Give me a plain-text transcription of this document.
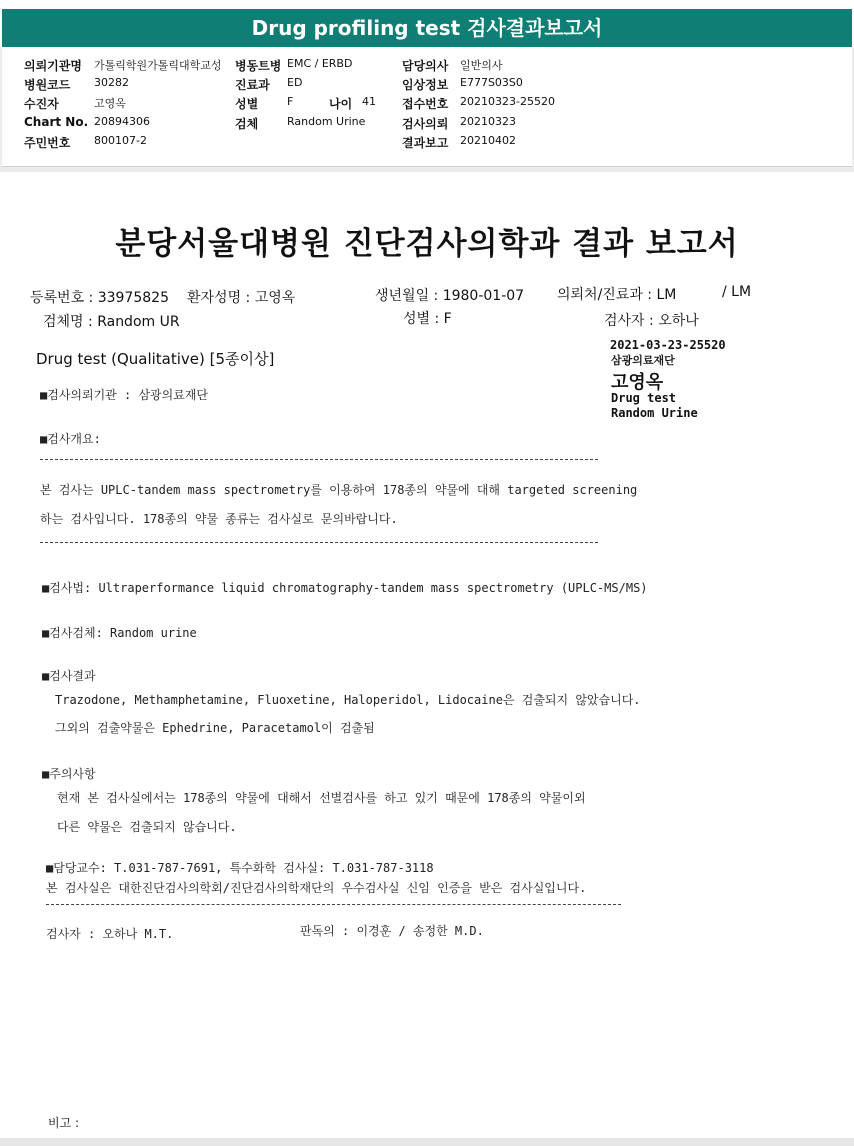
Drug profiling test 검사결과보고서
의뢰기관명 가톨릭학원가톨릭대학교성 병동트병 EMC / ERBD	담당의사 일반의사
병원코드 30282	진료과 ED	임상정보 E777S03S0
수진자	고영옥	성별	F	나이 41 접수번호 20210323-25520
Chart No. 20894306	검체	Random Urine	검사의뢰 20210323
주민번호 800107-2	결과보고 20210402
분당서울대병원 진단검사의학과 결과 보고서
등록번호 : 33975825 환자성명 : 고영옥	생년월일 : 1980-01-07 의뢰처/진료과 : LM	/ LM
검체명 : Random UR	성별 : F	검사자 : 오하나
Drug test (Qualitative) [5종이상]
2021-03-23-25520
삼광의료재단
고영옥
Drug test
Random Urine
■검사의뢰기관 : 삼광의료재단
■검사개요:
본 검사는 UPLC-tandem mass spectrometry를 이용하여 178종의 약물에 대해 targeted screening
하는 검사입니다. 178종의 약물 종류는 검사실로 문의바랍니다.
■검사법: Ultraperformance liquid chromatography-tandem mass spectrometry (UPLC-MS/MS)
■검사검체: Random urine
■검사결과
Trazodone, Methamphetamine, Fluoxetine, Haloperidol, Lidocaine은 검출되지 않았습니다.
그외의 검출약물은 Ephedrine, Paracetamol이 검출됨
■주의사항
현재 본 검사실에서는 178종의 약물에 대해서 선별검사를 하고 있기 때문에 178종의 약물이외
다른 약물은 검출되지 않습니다.
■담당교수: T.031-787-7691, 특수화학 검사실: T.031-787-3118
본 검사실은 대한진단검사의학회/진단검사의학재단의 우수검사실 신임 인증을 받은 검사실입니다.
검사자 : 오하나 M.T.	판독의 : 이경훈 / 송정한 M.D.
비고 :
